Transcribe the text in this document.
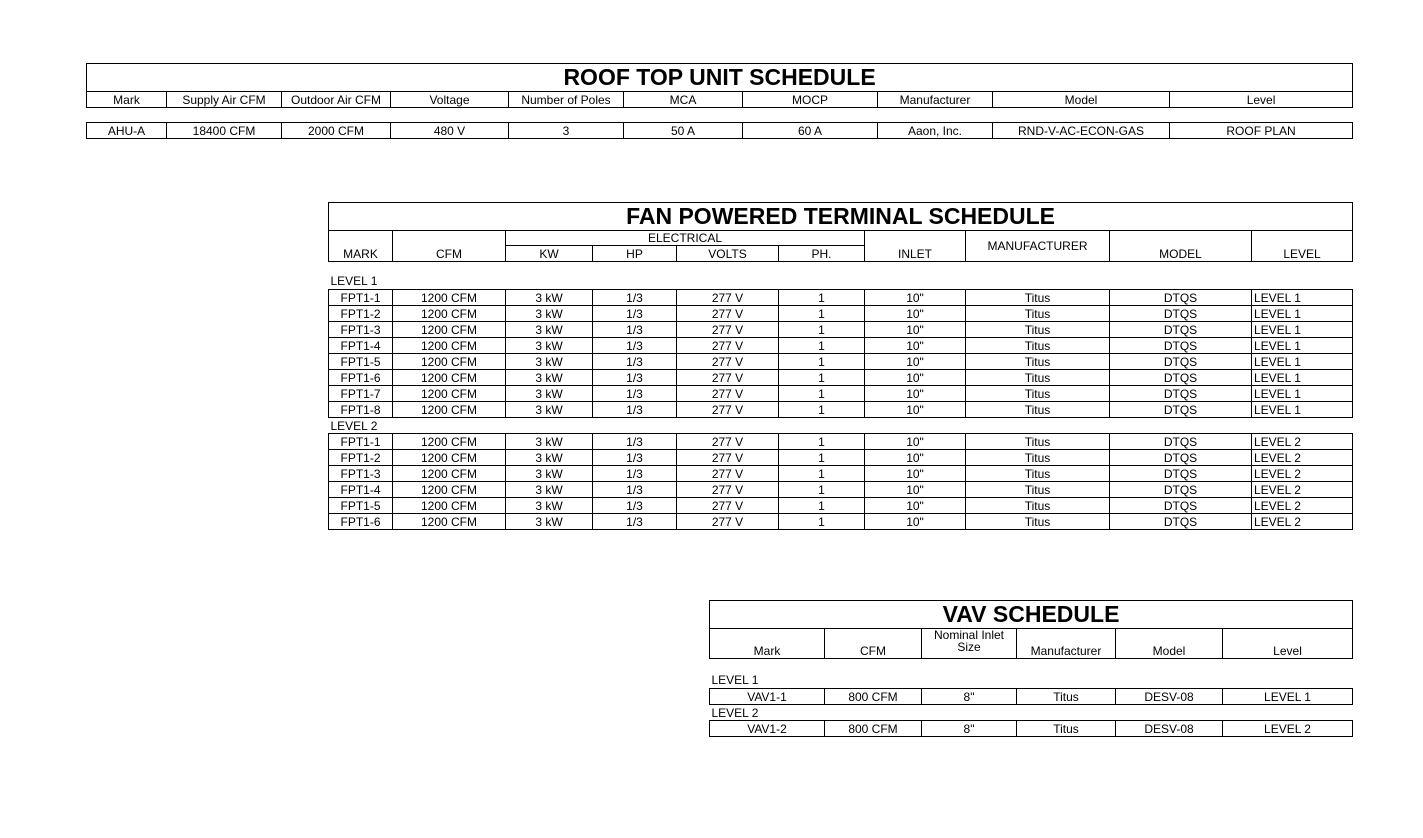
ROOF TOP UNIT SCHEDULE									
Mark	Supply Air CFM	Outdoor Air CFM	Voltage	Number of Poles	MCA	MOCP	Manufacturer	Model	Level

AHU-A	18400 CFM	2000 CFM	480 V	3	50 A	60 A	Aaon, Inc.	RND-V-AC-ECON-GAS	ROOF PLAN
FAN POWERED TERMINAL SCHEDULE									
MARK	CFM	ELECTRICAL				INLET	MANUFACTURER	MODEL	LEVEL
		KW	HP	VOLTS	PH.				

LEVEL 1									
FPT1-1	1200 CFM	3 kW	1/3	277 V	1	10"	Titus	DTQS	LEVEL 1
FPT1-2	1200 CFM	3 kW	1/3	277 V	1	10"	Titus	DTQS	LEVEL 1
FPT1-3	1200 CFM	3 kW	1/3	277 V	1	10"	Titus	DTQS	LEVEL 1
FPT1-4	1200 CFM	3 kW	1/3	277 V	1	10"	Titus	DTQS	LEVEL 1
FPT1-5	1200 CFM	3 kW	1/3	277 V	1	10"	Titus	DTQS	LEVEL 1
FPT1-6	1200 CFM	3 kW	1/3	277 V	1	10"	Titus	DTQS	LEVEL 1
FPT1-7	1200 CFM	3 kW	1/3	277 V	1	10"	Titus	DTQS	LEVEL 1
FPT1-8	1200 CFM	3 kW	1/3	277 V	1	10"	Titus	DTQS	LEVEL 1
LEVEL 2									
FPT1-1	1200 CFM	3 kW	1/3	277 V	1	10"	Titus	DTQS	LEVEL 2
FPT1-2	1200 CFM	3 kW	1/3	277 V	1	10"	Titus	DTQS	LEVEL 2
FPT1-3	1200 CFM	3 kW	1/3	277 V	1	10"	Titus	DTQS	LEVEL 2
FPT1-4	1200 CFM	3 kW	1/3	277 V	1	10"	Titus	DTQS	LEVEL 2
FPT1-5	1200 CFM	3 kW	1/3	277 V	1	10"	Titus	DTQS	LEVEL 2
FPT1-6	1200 CFM	3 kW	1/3	277 V	1	10"	Titus	DTQS	LEVEL 2
VAV SCHEDULE					
Mark	CFM	Nominal Inlet Size	Manufacturer	Model	Level

LEVEL 1					
VAV1-1	800 CFM	8"	Titus	DESV-08	LEVEL 1
LEVEL 2					
VAV1-2	800 CFM	8"	Titus	DESV-08	LEVEL 2
